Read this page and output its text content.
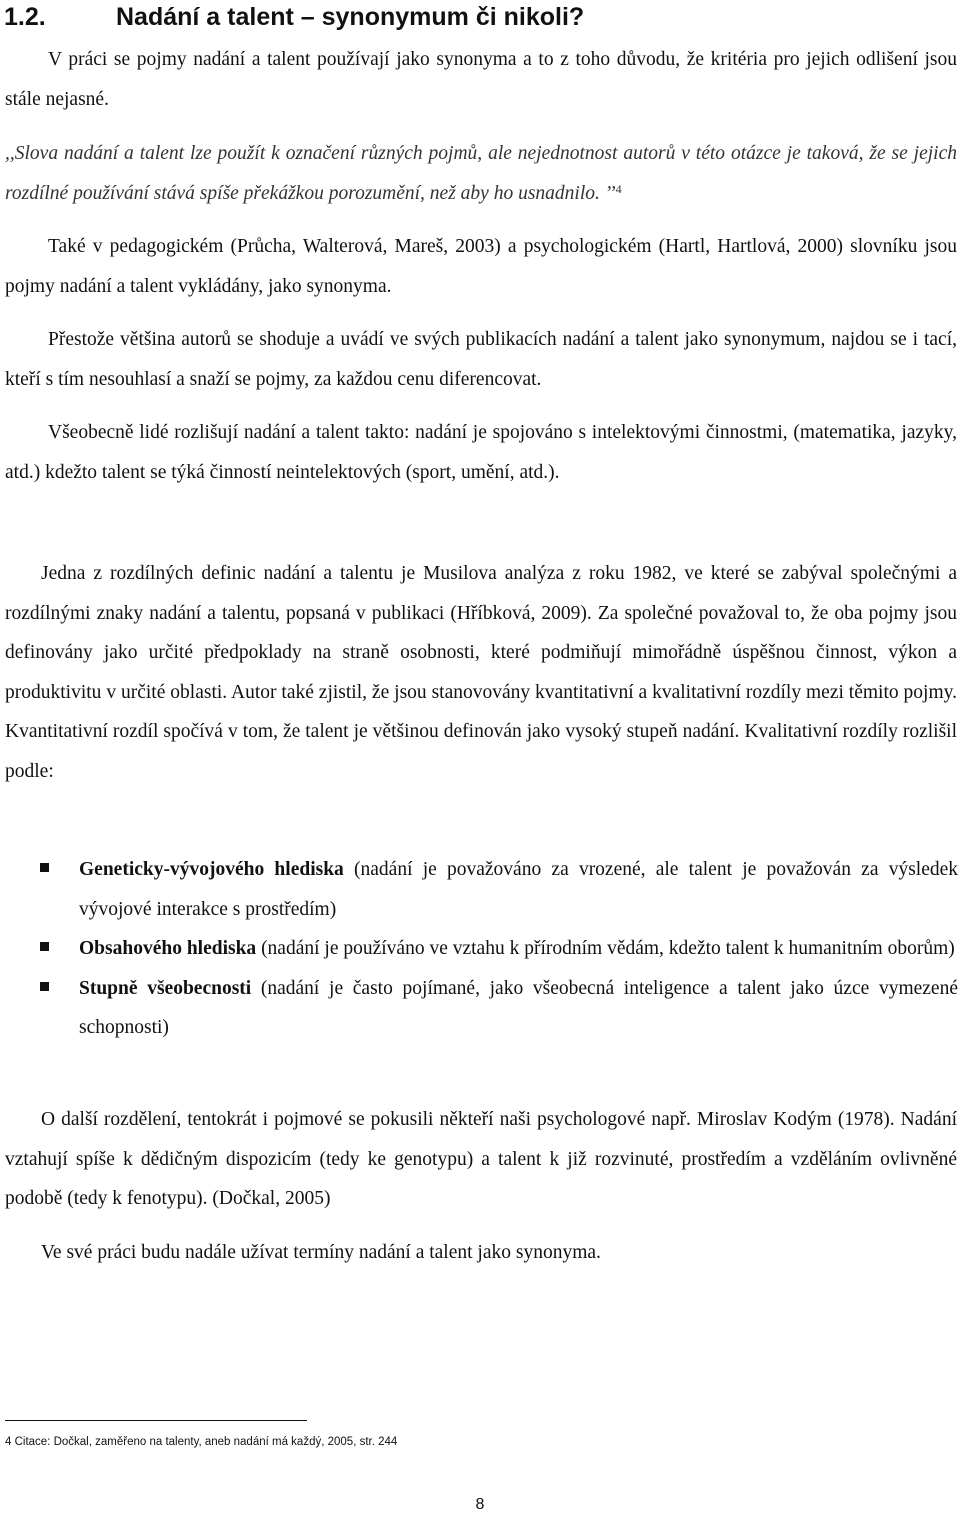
1.2.	Nadání a talent – synonymum či nikoli?

V práci se pojmy nadání a talent používají jako synonyma a to z toho důvodu, že kritéria pro jejich odlišení jsou stále nejasné.

,,Slova nadání a talent lze použít k označení různých pojmů, ale nejednotnost autorů v této otázce je taková, že se jejich rozdílné používání stává spíše překážkou porozumění, než aby ho usnadnilo. ’’$^4$

Také v pedagogickém (Průcha, Walterová, Mareš, 2003) a psychologickém (Hartl, Hartlová, 2000) slovníku jsou pojmy nadání a talent vykládány, jako synonyma.

Přestože většina autorů se shoduje a uvádí ve svých publikacích nadání a talent jako synonymum, najdou se i tací, kteří s tím nesouhlasí a snaží se pojmy, za každou cenu diferencovat.

Všeobecně lidé rozlišují nadání a talent takto: nadání je spojováno s intelektovými činnostmi, (matematika, jazyky, atd.) kdežto talent se týká činností neintelektových (sport, umění, atd.).

Jedna z rozdílných definic nadání a talentu je Musilova analýza z roku 1982, ve které se zabýval společnými a rozdílnými znaky nadání a talentu, popsaná v publikaci (Hříbková, 2009). Za společné považoval to, že oba pojmy jsou definovány jako určité předpoklady na straně osobnosti, které podmiňují mimořádně úspěšnou činnost, výkon a produktivitu v určité oblasti. Autor také zjistil, že jsou stanovovány kvantitativní a kvalitativní rozdíly mezi těmito pojmy. Kvantitativní rozdíl spočívá v tom, že talent je většinou definován jako vysoký stupeň nadání. Kvalitativní rozdíly rozlišil podle:

Geneticky-vývojového hlediska (nadání je považováno za vrozené, ale talent je považován za výsledek vývojové interakce s prostředím)
Obsahového hlediska (nadání je používáno ve vztahu k přírodním vědám, kdežto talent k humanitním oborům)
Stupně všeobecnosti (nadání je často pojímané, jako všeobecná inteligence a talent jako úzce vymezené schopnosti)

O další rozdělení, tentokrát i pojmové se pokusili někteří naši psychologové např. Miroslav Kodým (1978). Nadání vztahují spíše k dědičným dispozicím (tedy ke genotypu) a talent k již rozvinuté, prostředím a vzděláním ovlivněné podobě (tedy k fenotypu). (Dočkal, 2005)

Ve své práci budu nadále užívat termíny nadání a talent jako synonyma.

4 Citace: Dočkal, zaměřeno na talenty, aneb nadání má každý, 2005, str. 244
8
